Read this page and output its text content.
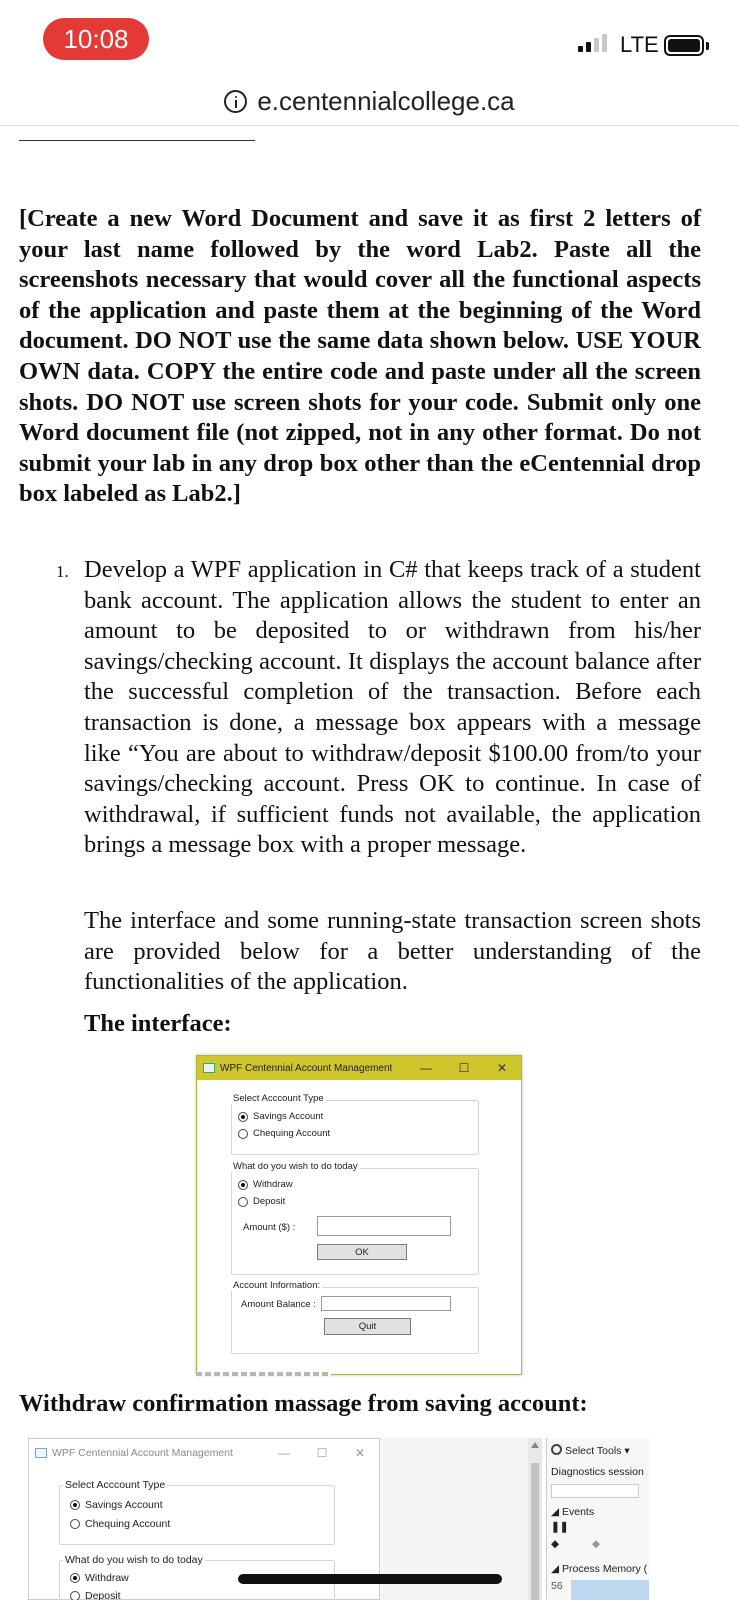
10:08	LTE
e.centennialcollege.ca
[Create a new Word Document and save it as first 2 letters of your last name followed by the word Lab2. Paste all the screenshots necessary that would cover all the functional aspects of the application and paste them at the beginning of the Word document. DO NOT use the same data shown below. USE YOUR OWN data. COPY the entire code and paste under all the screen shots. DO NOT use screen shots for your code. Submit only one Word document file (not zipped, not in any other format. Do not submit your lab in any drop box other than the eCentennial drop box labeled as Lab2.]
1. Develop a WPF application in C# that keeps track of a student bank account. The application allows the student to enter an amount to be deposited to or withdrawn from his/her savings/checking account. It displays the account balance after the successful completion of the transaction. Before each transaction is done, a message box appears with a message like “You are about to withdraw/deposit $100.00 from/to your savings/checking account. Press OK to continue. In case of withdrawal, if sufficient funds not available, the application brings a message box with a proper message.
The interface and some running-state transaction screen shots are provided below for a better understanding of the functionalities of the application.
The interface:
WPF Centennial Account Management	—	☐	✕
Select Acccount Type
Savings Account
Chequing Account
What do you wish to do today
Withdraw
Deposit
Amount ($) :
OK
Account Information:
Amount Balance :
Quit
Withdraw confirmation massage from saving account:
WPF Centennial Account Management	—	☐	✕
Select Acccount Type
Savings Account
Chequing Account
What do you wish to do today
Withdraw
Deposit
Select Tools ▾
Diagnostics session
◢ Events
❚❚
◆	◆
◢ Process Memory (
56
